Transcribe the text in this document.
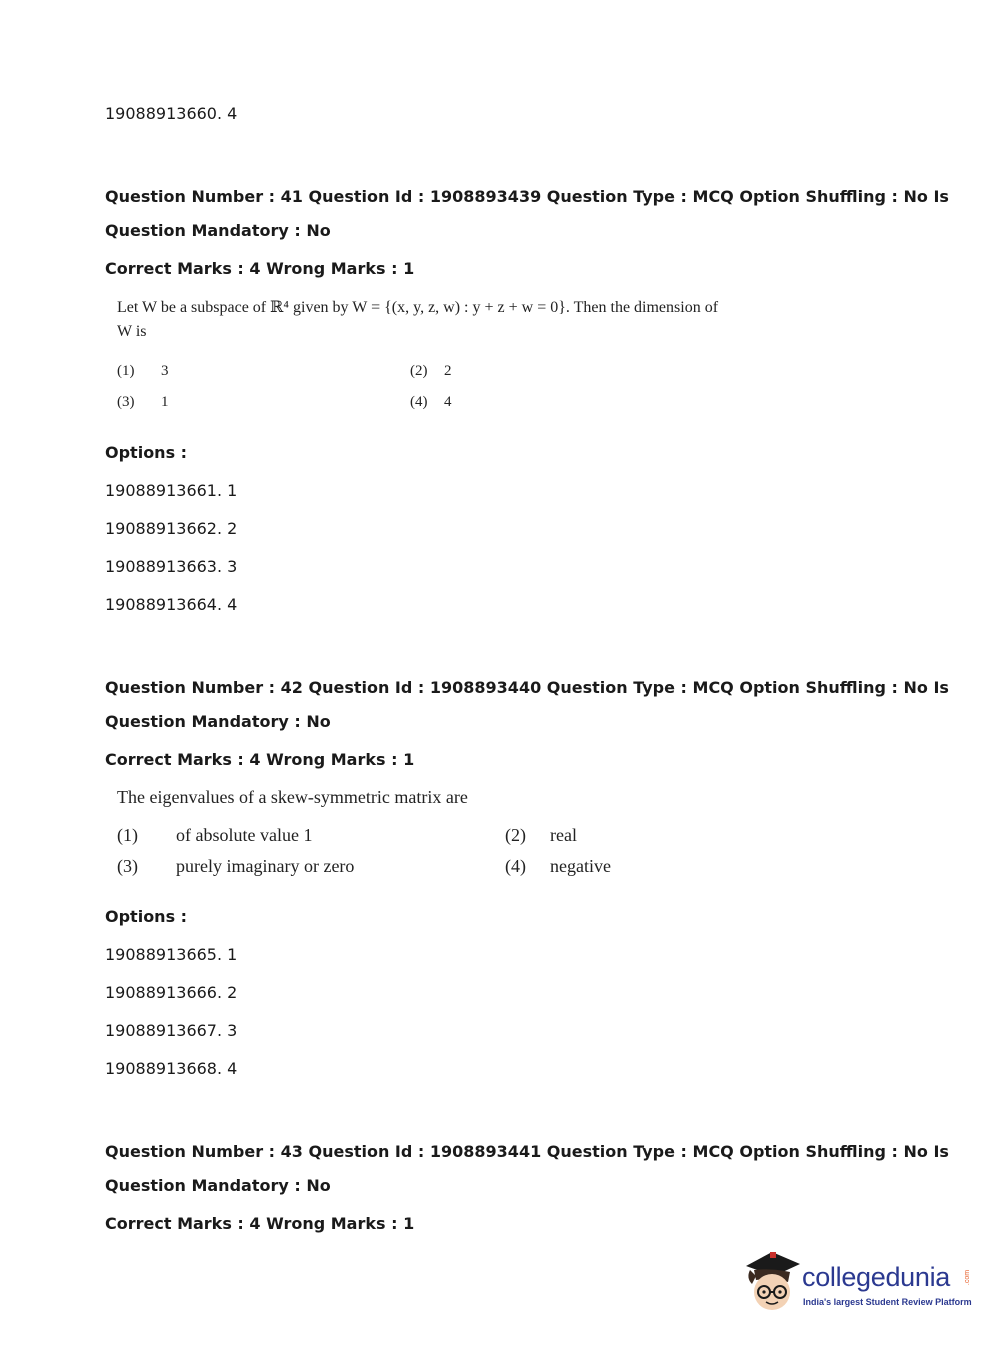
19088913660. 4
Question Number : 41 Question Id : 1908893439 Question Type : MCQ Option Shuffling : No Is
Question Mandatory : No
Correct Marks : 4 Wrong Marks : 1
Let W be a subspace of ℝ⁴ given by W = {(x, y, z, w) : y + z + w = 0}. Then the dimension of
W is
(1) 3	(2) 2
(3) 1	(4) 4
Options :
19088913661. 1
19088913662. 2
19088913663. 3
19088913664. 4
Question Number : 42 Question Id : 1908893440 Question Type : MCQ Option Shuffling : No Is
Question Mandatory : No
Correct Marks : 4 Wrong Marks : 1
The eigenvalues of a skew-symmetric matrix are
(1) of absolute value 1	(2) real
(3) purely imaginary or zero	(4) negative
Options :
19088913665. 1
19088913666. 2
19088913667. 3
19088913668. 4
Question Number : 43 Question Id : 1908893441 Question Type : MCQ Option Shuffling : No Is
Question Mandatory : No
Correct Marks : 4 Wrong Marks : 1
collegedunia .com
India's largest Student Review Platform
